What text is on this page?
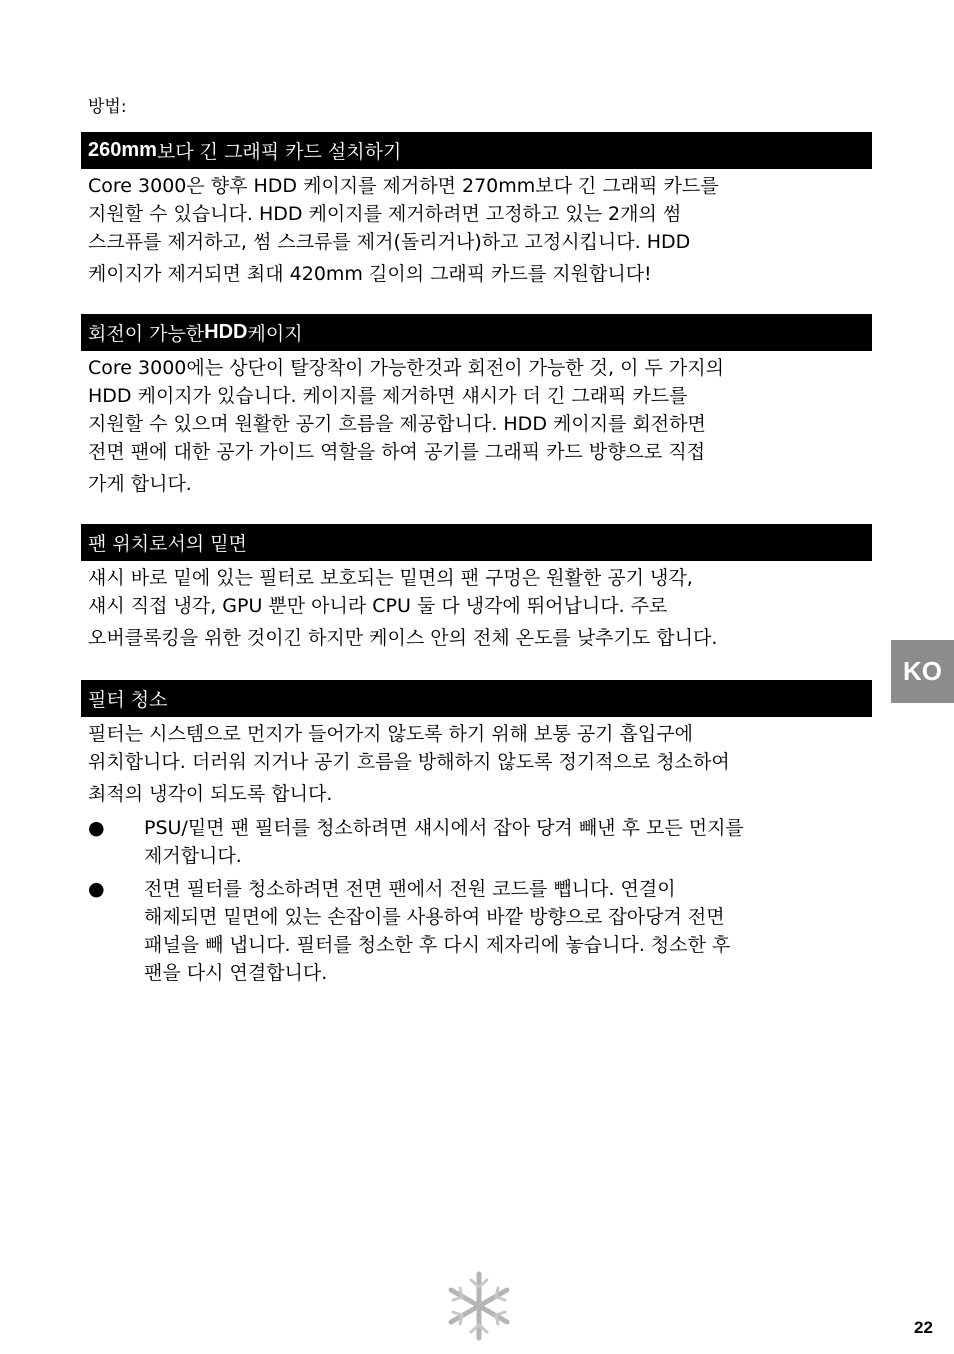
방법:
260mm 보다 긴 그래픽 카드 설치하기
Core 3000은 향후 HDD 케이지를 제거하면 270mm보다 긴 그래픽 카드를
지원할 수 있습니다. HDD 케이지를 제거하려면 고정하고 있는 2개의 썸
스크퓨를 제거하고, 썸 스크류를 제거(돌리거나)하고 고정시킵니다. HDD
케이지가 제거되면 최대 420mm 길이의 그래픽 카드를 지원합니다!
회전이 가능한 HDD 케이지
Core 3000에는 상단이 탈장착이 가능한것과 회전이 가능한 것, 이 두 가지의
HDD 케이지가 있습니다. 케이지를 제거하면 섀시가 더 긴 그래픽 카드를
지원할 수 있으며 원활한 공기 흐름을 제공합니다. HDD 케이지를 회전하면
전면 팬에 대한 공가 가이드 역할을 하여 공기를 그래픽 카드 방향으로 직접
가게 합니다.
팬 위치로서의 밑면
섀시 바로 밑에 있는 필터로 보호되는 밑면의 팬 구멍은 원활한 공기 냉각,
섀시 직접 냉각, GPU 뿐만 아니라 CPU 둘 다 냉각에 뛰어납니다. 주로
오버클록킹을 위한 것이긴 하지만 케이스 안의 전체 온도를 낮추기도 합니다.
필터 청소
필터는 시스템으로 먼지가 들어가지 않도록 하기 위해 보통 공기 흡입구에
위치합니다. 더러워 지거나 공기 흐름을 방해하지 않도록 정기적으로 청소하여
최적의 냉각이 되도록 합니다.
●	PSU/밑면 팬 필터를 청소하려면 섀시에서 잡아 당겨 빼낸 후 모든 먼지를
제거합니다.
●	전면 필터를 청소하려면 전면 팬에서 전원 코드를 뺍니다. 연결이
해제되면 밑면에 있는 손잡이를 사용하여 바깥 방향으로 잡아당겨 전면
패널을 빼 냅니다. 필터를 청소한 후 다시 제자리에 놓습니다. 청소한 후
팬을 다시 연결합니다.
KO
22
